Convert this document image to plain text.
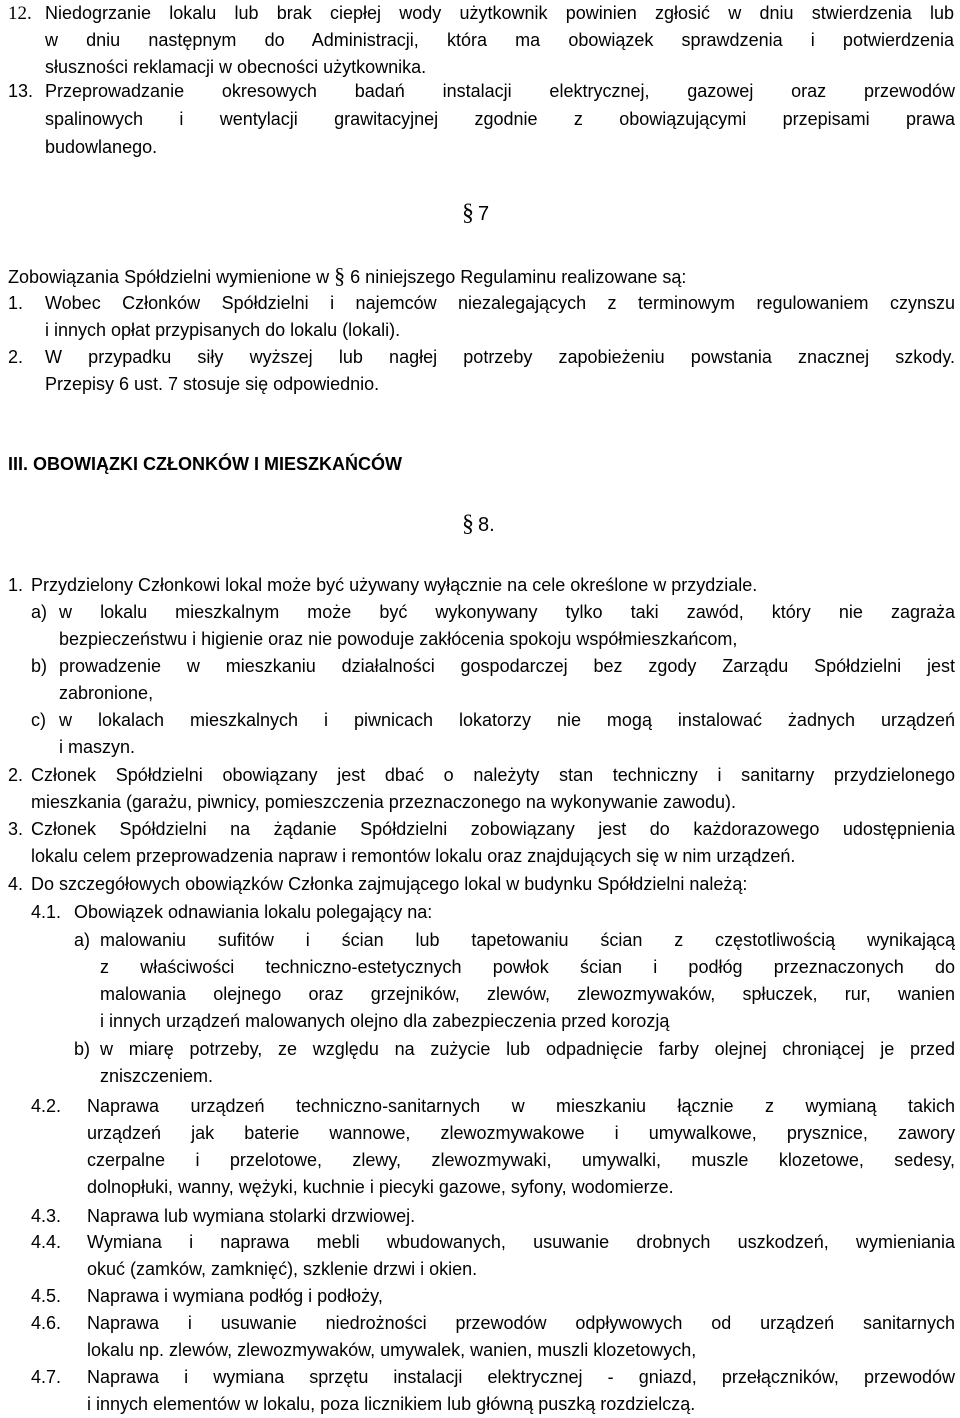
12. Niedogrzanie lokalu lub brak ciepłej wody użytkownik powinien zgłosić w dniu stwierdzenia lub
w dniu następnym do Administracji, która ma obowiązek sprawdzenia i potwierdzenia
słuszności reklamacji w obecności użytkownika.
13. Przeprowadzanie okresowych badań instalacji elektrycznej, gazowej oraz przewodów
spalinowych i wentylacji grawitacyjnej zgodnie z obowiązującymi przepisami prawa
budowlanego.
§ 7
Zobowiązania Spółdzielni wymienione w § 6 niniejszego Regulaminu realizowane są:
1. Wobec Członków Spółdzielni i najemców niezalegających z terminowym regulowaniem czynszu
i innych opłat przypisanych do lokalu (lokali).
2. W przypadku siły wyższej lub nagłej potrzeby zapobieżeniu powstania znacznej szkody.
Przepisy 6 ust. 7 stosuje się odpowiednio.
III. OBOWIĄZKI CZŁONKÓW I MIESZKAŃCÓW
§ 8.
1. Przydzielony Członkowi lokal może być używany wyłącznie na cele określone w przydziale.
a) w lokalu mieszkalnym może być wykonywany tylko taki zawód, który nie zagraża
bezpieczeństwu i higienie oraz nie powoduje zakłócenia spokoju współmieszkańcom,
b) prowadzenie w mieszkaniu działalności gospodarczej bez zgody Zarządu Spółdzielni jest
zabronione,
c) w lokalach mieszkalnych i piwnicach lokatorzy nie mogą instalować żadnych urządzeń
i maszyn.
2. Członek Spółdzielni obowiązany jest dbać o należyty stan techniczny i sanitarny przydzielonego
mieszkania (garażu, piwnicy, pomieszczenia przeznaczonego na wykonywanie zawodu).
3. Członek Spółdzielni na żądanie Spółdzielni zobowiązany jest do każdorazowego udostępnienia
lokalu celem przeprowadzenia napraw i remontów lokalu oraz znajdujących się w nim urządzeń.
4. Do szczegółowych obowiązków Członka zajmującego lokal w budynku Spółdzielni należą:
4.1. Obowiązek odnawiania lokalu polegający na:
a) malowaniu sufitów i ścian lub tapetowaniu ścian z częstotliwością wynikającą
z właściwości techniczno-estetycznych powłok ścian i podłóg przeznaczonych do
malowania olejnego oraz grzejników, zlewów, zlewozmywaków, spłuczek, rur, wanien
i innych urządzeń malowanych olejno dla zabezpieczenia przed korozją
b) w miarę potrzeby, ze względu na zużycie lub odpadnięcie farby olejnej chroniącej je przed
zniszczeniem.
4.2. Naprawa urządzeń techniczno-sanitarnych w mieszkaniu łącznie z wymianą takich
urządzeń jak baterie wannowe, zlewozmywakowe i umywalkowe, prysznice, zawory
czerpalne i przelotowe, zlewy, zlewozmywaki, umywalki, muszle klozetowe, sedesy,
dolnopłuki, wanny, wężyki, kuchnie i piecyki gazowe, syfony, wodomierze.
4.3. Naprawa lub wymiana stolarki drzwiowej.
4.4. Wymiana i naprawa mebli wbudowanych, usuwanie drobnych uszkodzeń, wymieniania
okuć (zamków, zamknięć), szklenie drzwi i okien.
4.5. Naprawa i wymiana podłóg i podłoży,
4.6. Naprawa i usuwanie niedrożności przewodów odpływowych od urządzeń sanitarnych
lokalu np. zlewów, zlewozmywaków, umywalek, wanien, muszli klozetowych,
4.7. Naprawa i wymiana sprzętu instalacji elektrycznej - gniazd, przełączników, przewodów
i innych elementów w lokalu, poza licznikiem lub główną puszką rozdzielczą.
